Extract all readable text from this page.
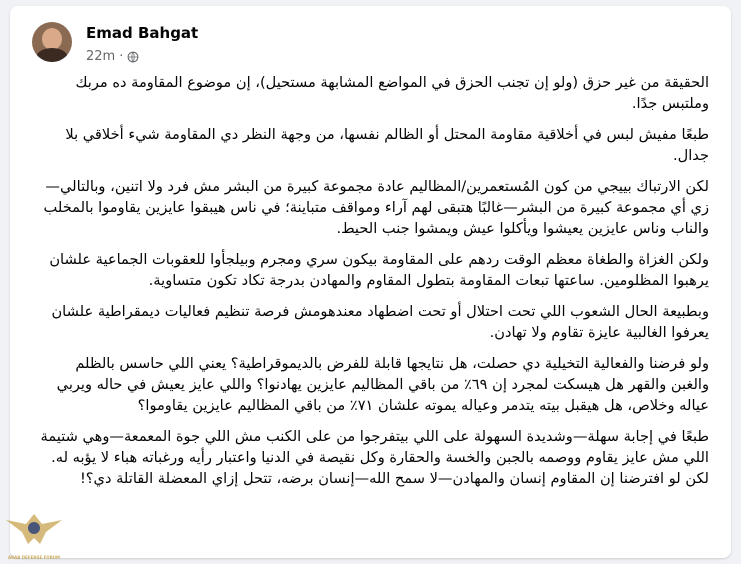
Emad Bahgat
22m ·

الحقيقة من غير حزق (ولو إن تجنب الحزق في المواضع المشابهة مستحيل)، إن موضوع المقاومة ده مربك وملتبس جدًا.

طبعًا مفيش لبس في أخلاقية مقاومة المحتل أو الظالم نفسها، من وجهة النظر دي المقاومة شيء أخلاقي بلا جدال.

لكن الارتباك بييجي من كون المُستعمرين/المظاليم عادة مجموعة كبيرة من البشر مش فرد ولا اتنين، وبالتالي—زي أي مجموعة كبيرة من البشر—غالبًا هتبقى لهم آراء ومواقف متباينة؛ في ناس هيبقوا عايزين يقاوموا بالمخلب والناب وناس عايزين يعيشوا ويأكلوا عيش ويمشوا جنب الحيط.

ولكن الغزاة والطغاة معظم الوقت ردهم على المقاومة بيكون سري ومجرم وبيلجأوا للعقوبات الجماعية علشان يرهبوا المظلومين. ساعتها تبعات المقاومة بتطول المقاوم والمهادن بدرجة تكاد تكون متساوية.

وبطبيعة الحال الشعوب اللي تحت احتلال أو تحت اضطهاد معندهومش فرصة تنظيم فعاليات ديمقراطية علشان يعرفوا الغالبية عايزة تقاوم ولا تهادن.

ولو فرضنا والفعالية التخيلية دي حصلت، هل نتايجها قابلة للفرض بالديموقراطية؟ يعني اللي حاسس بالظلم والغبن والقهر هل هيسكت لمجرد إن ٦٩٪ من باقي المظاليم عايزين يهادنوا؟ واللي عايز يعيش في حاله ويربي عياله وخلاص، هل هيقبل بيته يتدمر وعياله يموته علشان ٧١٪ من باقي المظاليم عايزين يقاوموا؟

طبعًا في إجابة سهلة—وشديدة السهولة على اللي بيتفرجوا من على الكنب مش اللي جوة المعمعة—وهي شتيمة اللي مش عايز يقاوم ووصمه بالجبن والخسة والحقارة وكل نقيصة في الدنيا واعتبار رأيه ورغباته هباء لا يؤبه له. لكن لو افترضنا إن المقاوم إنسان والمهادن—لا سمح الله—إنسان برضه، تتحل إزاي المعضلة القاتلة دي؟!

ARAB DEFENSE FORUM
